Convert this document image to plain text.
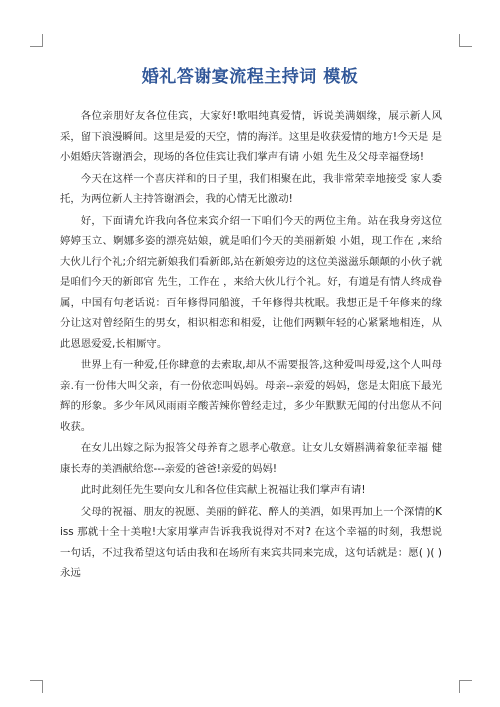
婚礼答谢宴流程主持词 模板

各位亲朋好友各位佳宾，大家好!歌唱纯真爱情，诉说美满姻缘，展示新人风采，留下浪漫瞬间。这里是爱的天空，情的海洋。这里是收获爱情的地方!今天是 是 小姐婚庆答谢酒会，现场的各位佳宾让我们掌声有请 小姐 先生及父母幸福登场!

今天在这样一个喜庆祥和的日子里，我们相聚在此，我非常荣幸地接受 家人委托，为两位新人主持答谢酒会，我的心情无比激动!

好，下面请允许我向各位来宾介绍一下咱们今天的两位主角。站在我身旁这位婷婷玉立、婀娜多姿的漂亮姑娘，就是咱们今天的美丽新娘 小姐，现工作在 ,来给大伙儿行个礼;介绍完新娘我们看新郎,站在新娘旁边的这位美滋滋乐颠颠的小伙子就是咱们今天的新郎官 先生，工作在 ，来给大伙儿行个礼。好，有道是有情人终成眷属，中国有句老话说：百年修得同船渡，千年修得共枕眠。我想正是千年修来的缘分让这对曾经陌生的男女，相识相恋和相爱，让他们两颗年轻的心紧紧地相连，从此恩恩爱爱,长相厮守。

世界上有一种爱,任你肆意的去索取,却从不需要报答,这种爱叫母爱,这个人叫母亲.有一份伟大叫父亲，有一份依恋叫妈妈。母亲--亲爱的妈妈，您是太阳底下最光辉的形象。多少年风风雨雨辛酸苦辣你曾经走过，多少年默默无闻的付出您从不问收获。

在女儿出嫁之际为报答父母养育之恩孝心敬意。让女儿女婿斟满着象征幸福 健康长寿的美酒献给您---亲爱的爸爸!亲爱的妈妈!

此时此刻任先生要向女儿和各位佳宾献上祝福让我们掌声有请!

父母的祝福、朋友的祝愿、美丽的鲜花、醉人的美酒，如果再加上一个深情的Kiss 那就十全十美啦!大家用掌声告诉我我说得对不对? 在这个幸福的时刻，我想说一句话，不过我希望这句话由我和在场所有来宾共同来完成，这句话就是：愿( )( )永远
